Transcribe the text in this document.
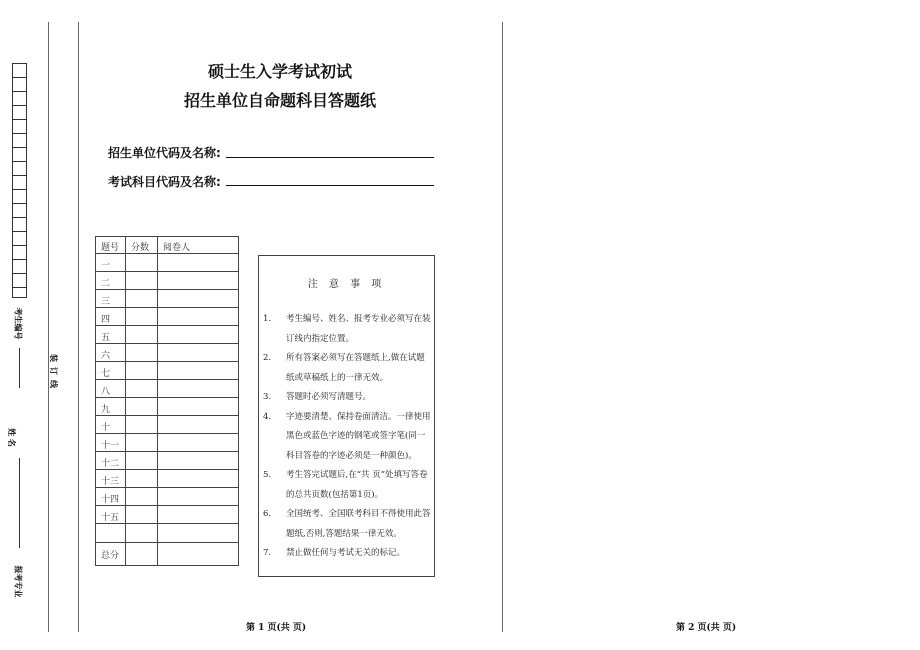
考生编号
装订线
姓 名
报考专业
硕士生入学考试初试
招生单位自命题科目答题纸
招生单位代码及名称:
考试科目代码及名称:
题号	分数	阅卷人
一		
二		
三		
四		
五		
六		
七		
八		
九		
十		
十一		
十二		
十三		
十四		
十五		

总分		
注 意 事 项
1. 考生编号、姓名、报考专业必须写在装订线内指定位置。
2. 所有答案必须写在答题纸上,做在试题纸或草稿纸上的一律无效。
3. 答题时必须写清题号。
4. 字迹要清楚、保持卷面清洁。一律使用黑色或蓝色字迹的钢笔或签字笔(同一科目答卷的字迹必须是一种颜色)。
5. 考生答完试题后,在“共 页”处填写答卷的总共页数(包括第1页)。
6. 全国统考、全国联考科目不得使用此答题纸,否则,答题结果一律无效。
7. 禁止做任何与考试无关的标记。
第 1 页(共 页)	第 2 页(共 页)
